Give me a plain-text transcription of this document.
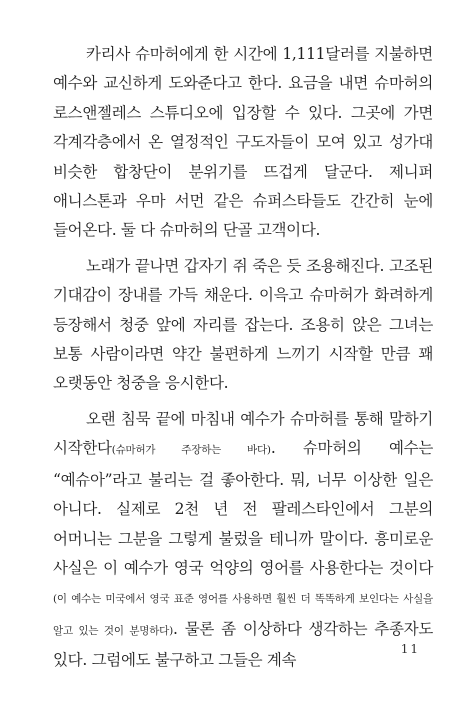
카리사 슈마허에게 한 시간에 1,111달러를 지불하면 예수와 교신하게 도와준다고 한다. 요금을 내면 슈마허의 로스앤젤레스 스튜디오에 입장할 수 있다. 그곳에 가면 각계각층에서 온 열정적인 구도자들이 모여 있고 성가대 비슷한 합창단이 분위기를 뜨겁게 달군다. 제니퍼 애니스톤과 우마 서먼 같은 슈퍼스타들도 간간히 눈에 들어온다. 둘 다 슈마허의 단골 고객이다.

노래가 끝나면 갑자기 쥐 죽은 듯 조용해진다. 고조된 기대감이 장내를 가득 채운다. 이윽고 슈마허가 화려하게 등장해서 청중 앞에 자리를 잡는다. 조용히 앉은 그녀는 보통 사람이라면 약간 불편하게 느끼기 시작할 만큼 꽤 오랫동안 청중을 응시한다.

오랜 침묵 끝에 마침내 예수가 슈마허를 통해 말하기 시작한다(슈마허가 주장하는 바다). 슈마허의 예수는 “예슈아”라고 불리는 걸 좋아한다. 뭐, 너무 이상한 일은 아니다. 실제로 2천 년 전 팔레스타인에서 그분의 어머니는 그분을 그렇게 불렀을 테니까 말이다. 흥미로운 사실은 이 예수가 영국 억양의 영어를 사용한다는 것이다(이 예수는 미국에서 영국 표준 영어를 사용하면 훨씬 더 똑똑하게 보인다는 사실을 알고 있는 것이 분명하다). 물론 좀 이상하다 생각하는 추종자도 있다. 그럼에도 불구하고 그들은 계속

11
